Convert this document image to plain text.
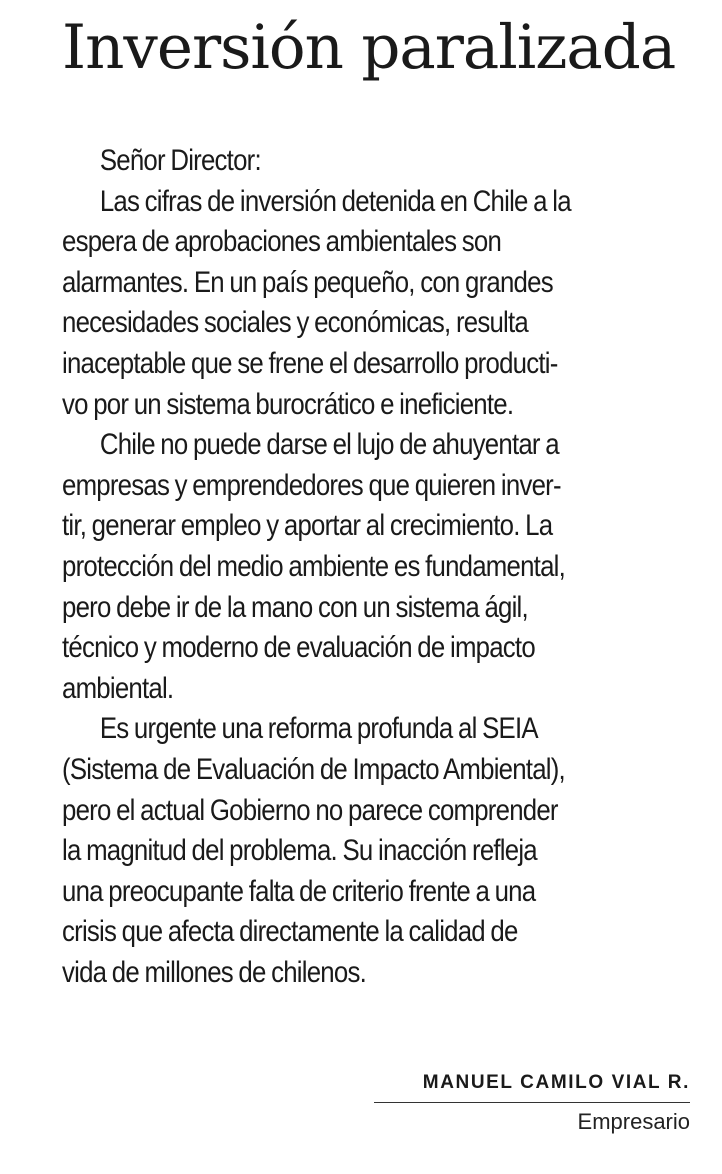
Inversión paralizada
Señor Director:
Las cifras de inversión detenida en Chile a la
espera de aprobaciones ambientales son
alarmantes. En un país pequeño, con grandes
necesidades sociales y económicas, resulta
inaceptable que se frene el desarrollo producti-
vo por un sistema burocrático e ineficiente.
Chile no puede darse el lujo de ahuyentar a
empresas y emprendedores que quieren inver-
tir, generar empleo y aportar al crecimiento. La
protección del medio ambiente es fundamental,
pero debe ir de la mano con un sistema ágil,
técnico y moderno de evaluación de impacto
ambiental.
Es urgente una reforma profunda al SEIA
(Sistema de Evaluación de Impacto Ambiental),
pero el actual Gobierno no parece comprender
la magnitud del problema. Su inacción refleja
una preocupante falta de criterio frente a una
crisis que afecta directamente la calidad de
vida de millones de chilenos.
MANUEL CAMILO VIAL R.
Empresario
